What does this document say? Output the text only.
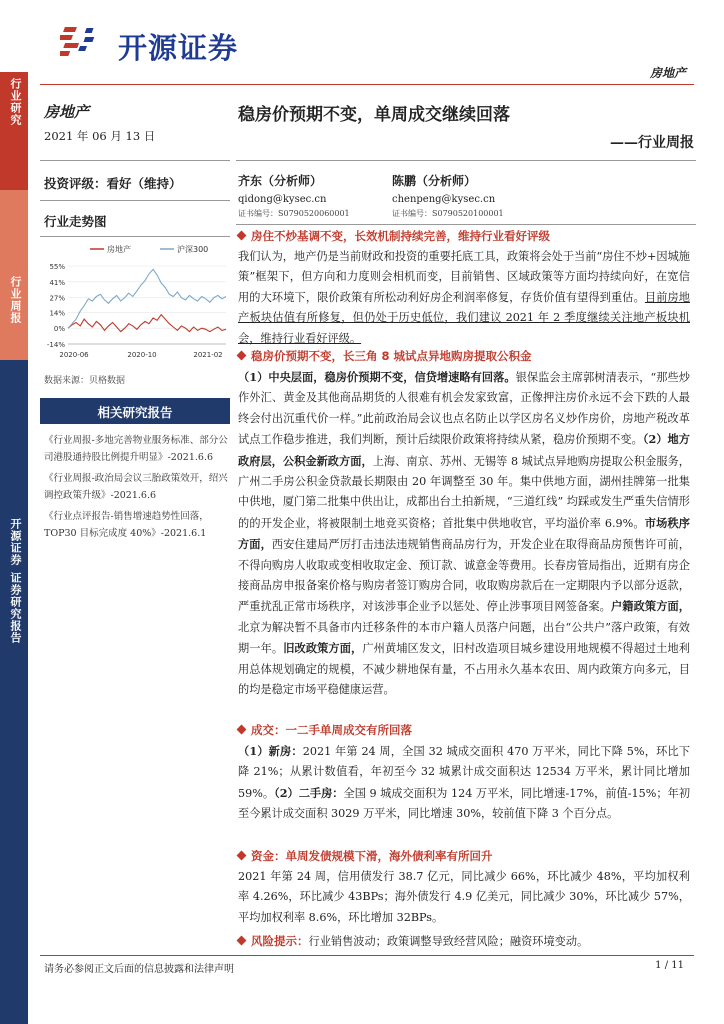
开源证券
房地产
行业研究
行业周报
开源证券
证券研究报告
房地产
2021 年 06 月 13 日
投资评级：看好（维持）
行业走势图
房地产	沪深300
55%
41%
27%
14%
0%
-14%
2020-06	2020-10	2021-02
数据来源：贝格数据
相关研究报告
《行业周报-多地完善物业服务标准、部分公司港股通持股比例提升明显》-2021.6.6
《行业周报-政治局会议三胎政策效开，绍兴调控政策升级》-2021.6.6
《行业点评报告-销售增速趋势性回落，TOP30 目标完成度 40%》-2021.6.1
稳房价预期不变，单周成交继续回落
——行业周报
齐东（分析师）
qidong@kysec.cn
证书编号：S0790520060001
陈鹏（分析师）
chenpeng@kysec.cn
证书编号：S0790520100001
房住不炒基调不变，长效机制持续完善，维持行业看好评级
我们认为，地产仍是当前财政和投资的重要托底工具，政策将会处于当前“房住不炒+因城施策”框架下，但方向和力度则会相机而变，目前销售、区域政策等方面均持续向好，在宽信用的大环境下，限价政策有所松动利好房企利润率修复，存货价值有望得到重估。目前房地产板块估值有所修复，但仍处于历史低位，我们建议 2021 年 2 季度继续关注地产板块机会，维持行业看好评级。
稳房价预期不变，长三角 8 城试点异地购房提取公积金
（1）中央层面，稳房价预期不变，信贷增速略有回落。银保监会主席郭树清表示，“那些炒作外汇、黄金及其他商品期货的人很难有机会发家致富，正像押注房价永远不会下跌的人最终会付出沉重代价一样。”此前政治局会议也点名防止以学区房名义炒作房价，房地产税改革试点工作稳步推进，我们判断，预计后续限价政策将持续从紧，稳房价预期不变。（2）地方政府层，公积金新政方面，上海、南京、苏州、无锡等 8 城试点异地购房提取公积金服务，广州二手房公积金贷款最长期限由 20 年调整至 30 年。集中供地方面，湖州挂牌第一批集中供地，厦门第二批集中供出让，成都出台土拍新规，“三道红线” 均踩或发生严重失信情形的的开发企业，将被限制土地竞买资格；首批集中供地收官，平均溢价率 6.9%。市场秩序方面，西安住建局严厉打击违法违规销售商品房行为，开发企业在取得商品房预售许可前，不得向购房人收取或变相收取定金、预订款、诚意金等费用。长春房管局指出，近期有房企接商品房申报备案价格与购房者签订购房合同，收取购房款后在一定期限内予以部分返款，严重扰乱正常市场秩序，对该涉事企业予以惩处、停止涉事项目网签备案。户籍政策方面，北京为解决暂不具备市内迁移条件的本市户籍人员落户问题，出台“公共户”落户政策，有效期一年。旧改政策方面，广州黄埔区发文，旧村改造项目城乡建设用地规模不得超过土地利用总体规划确定的规模，不减少耕地保有量，不占用永久基本农田、周内政策方向多元，目的均是稳定市场平稳健康运营。
成交：一二手单周成交有所回落
（1）新房：2021 年第 24 周，全国 32 城成交面积 470 万平米，同比下降 5%，环比下降 21%；从累计数值看，年初至今 32 城累计成交面积达 12534 万平米，累计同比增加 59%。（2）二手房：全国 9 城成交面积为 124 万平米，同比增速-17%，前值-15%；年初至今累计成交面积 3029 万平米，同比增速 30%，较前值下降 3 个百分点。
资金：单周发债规模下滑，海外债利率有所回升
2021 年第 24 周，信用债发行 38.7 亿元，同比减少 66%，环比减少 48%，平均加权利率 4.26%，环比减少 43BPs；海外债发行 4.9 亿美元，同比减少 30%，环比减少 57%，平均加权利率 8.6%，环比增加 32BPs。
风险提示：行业销售波动；政策调整导致经营风险；融资环境变动。
请务必参阅正文后面的信息披露和法律声明	1 / 11
